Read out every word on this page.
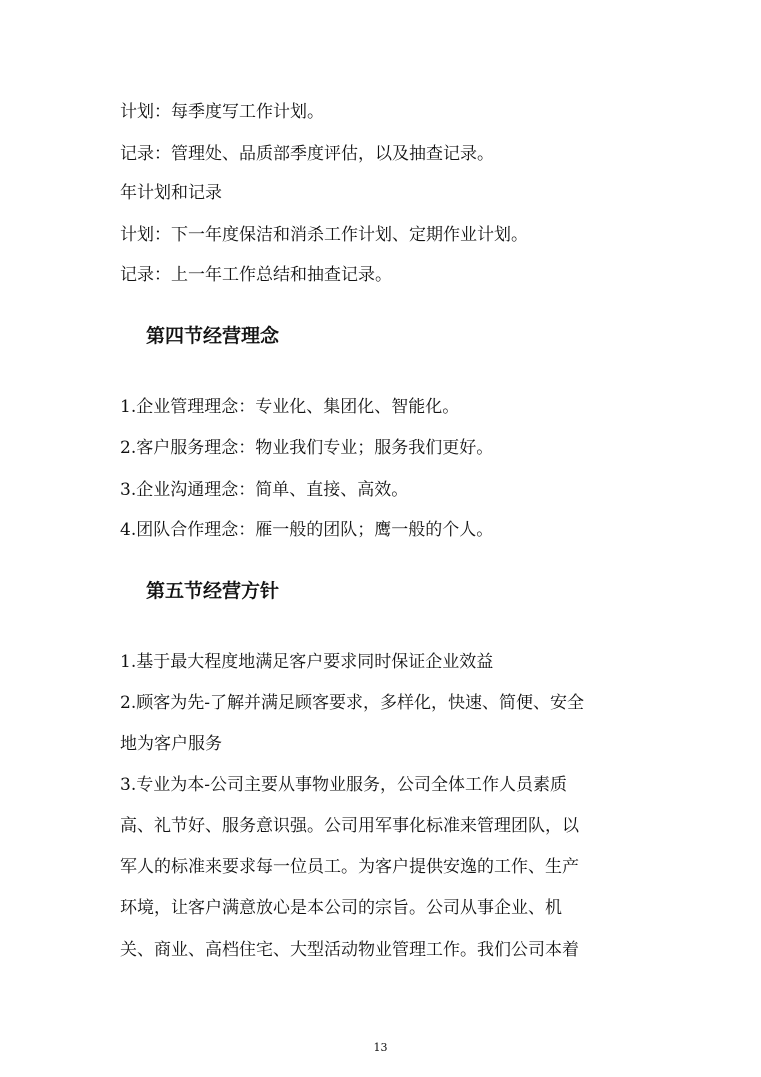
计划：每季度写工作计划。
记录：管理处、品质部季度评估，以及抽查记录。
年计划和记录
计划：下一年度保洁和消杀工作计划、定期作业计划。
记录：上一年工作总结和抽查记录。
第四节经营理念
1.企业管理理念：专业化、集团化、智能化。
2.客户服务理念：物业我们专业；服务我们更好。
3.企业沟通理念：简单、直接、高效。
4.团队合作理念：雁一般的团队；鹰一般的个人。
第五节经营方针
1.基于最大程度地满足客户要求同时保证企业效益
2.顾客为先-了解并满足顾客要求，多样化，快速、简便、安全
地为客户服务
3.专业为本-公司主要从事物业服务，公司全体工作人员素质
高、礼节好、服务意识强。公司用军事化标准来管理团队，以
军人的标准来要求每一位员工。为客户提供安逸的工作、生产
环境，让客户满意放心是本公司的宗旨。公司从事企业、机
关、商业、高档住宅、大型活动物业管理工作。我们公司本着
13
